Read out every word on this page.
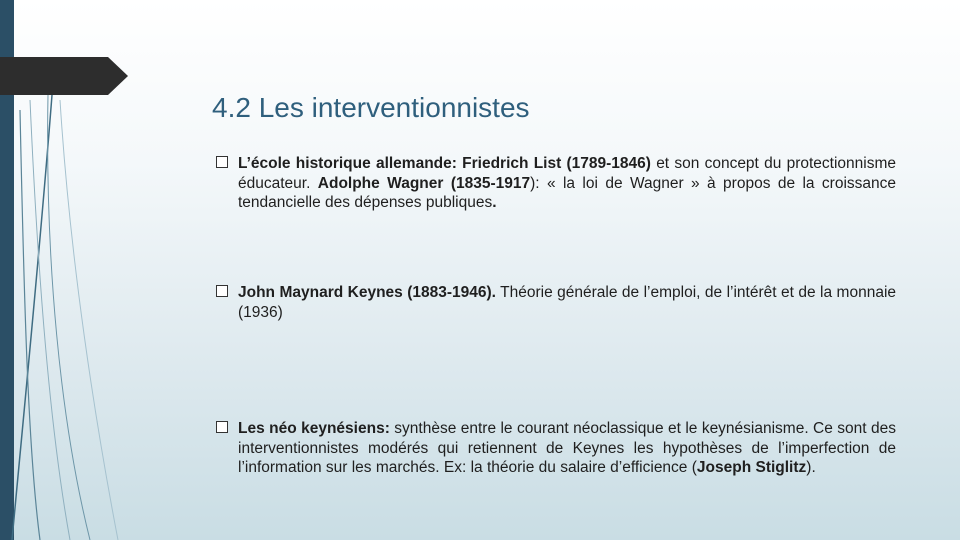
4.2 Les interventionnistes
L’école historique allemande: Friedrich List (1789-1846) et son concept du protectionnisme éducateur. Adolphe Wagner (1835-1917): « la loi de Wagner » à propos de la croissance tendancielle des dépenses publiques.
John Maynard Keynes (1883-1946). Théorie générale de l’emploi, de l’intérêt et de la monnaie (1936)
Les néo keynésiens: synthèse entre le courant néoclassique et le keynésianisme. Ce sont des interventionnistes modérés qui retiennent de Keynes les hypothèses de l’imperfection de l’information sur les marchés. Ex: la théorie du salaire d’efficience (Joseph Stiglitz).
